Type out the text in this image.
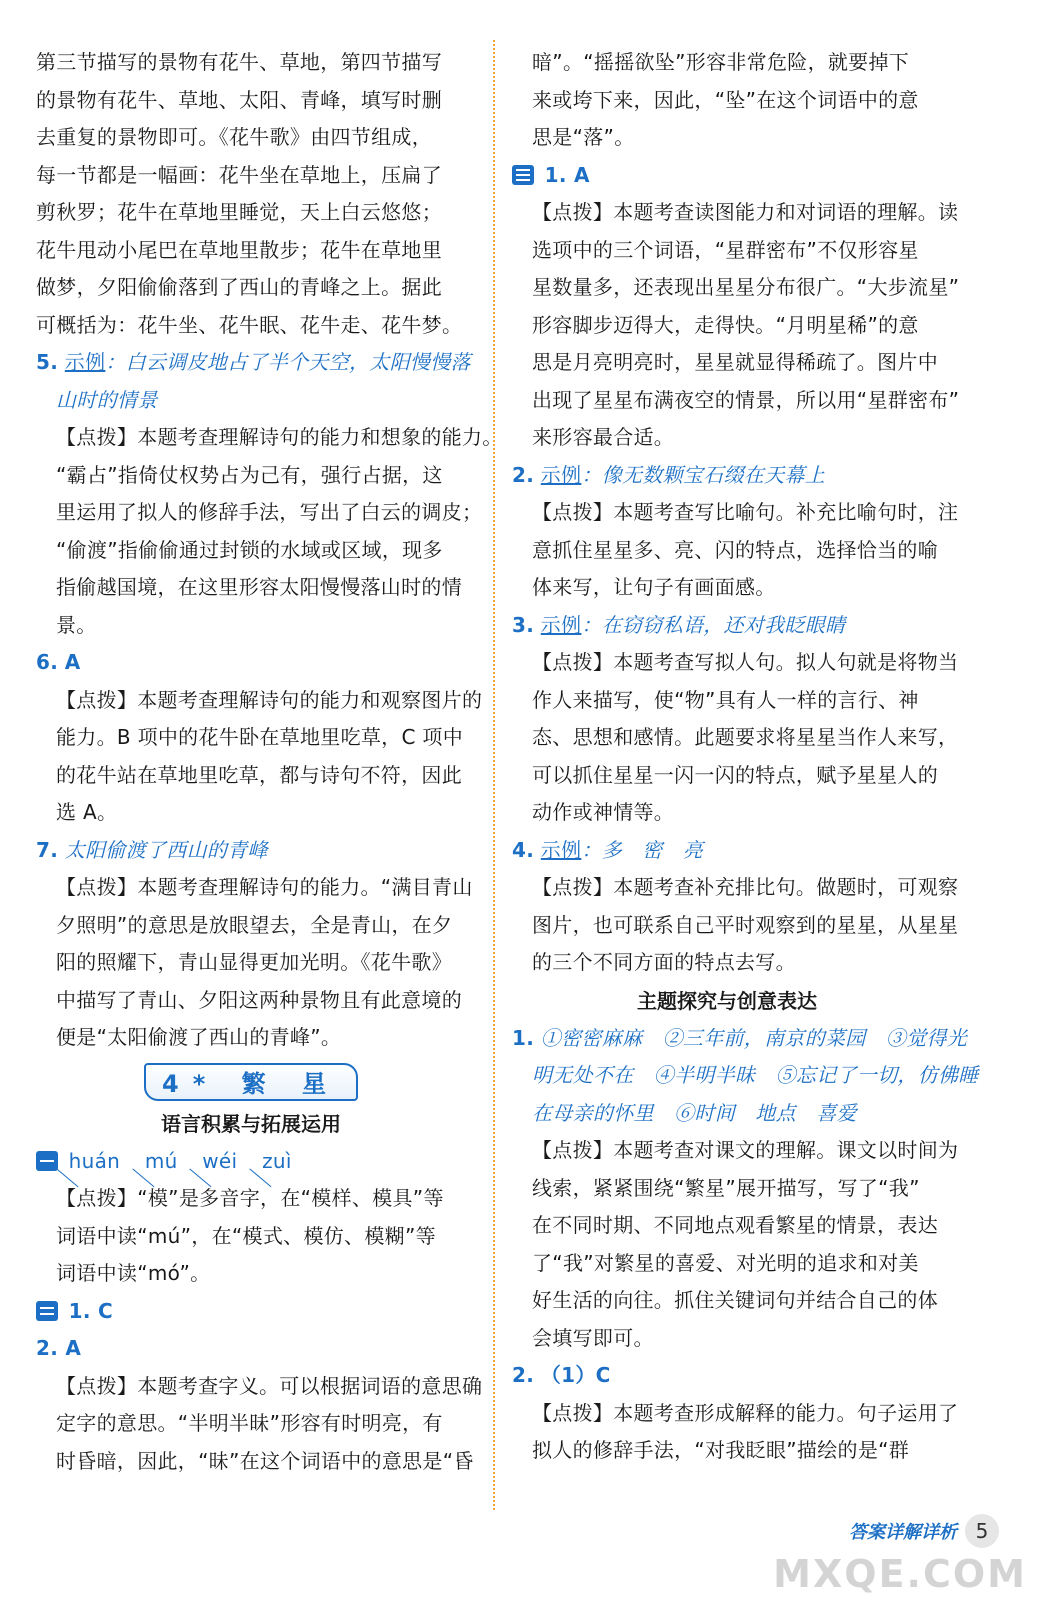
第三节描写的景物有花牛、草地，第四节描写
的景物有花牛、草地、太阳、青峰，填写时删
去重复的景物即可。《花牛歌》由四节组成，
每一节都是一幅画：花牛坐在草地上，压扁了
剪秋罗；花牛在草地里睡觉，天上白云悠悠；
花牛甩动小尾巴在草地里散步；花牛在草地里
做梦，夕阳偷偷落到了西山的青峰之上。据此
可概括为：花牛坐、花牛眠、花牛走、花牛梦。
5. 示例：白云调皮地占了半个天空，太阳慢慢落
山时的情景
【点拨】本题考查理解诗句的能力和想象的能力。
“霸占”指倚仗权势占为己有，强行占据，这
里运用了拟人的修辞手法，写出了白云的调皮；
“偷渡”指偷偷通过封锁的水域或区域，现多
指偷越国境，在这里形容太阳慢慢落山时的情
景。
6. A
【点拨】本题考查理解诗句的能力和观察图片的
能力。B 项中的花牛卧在草地里吃草，C 项中
的花牛站在草地里吃草，都与诗句不符，因此
选 A。
7. 太阳偷渡了西山的青峰
【点拨】本题考查理解诗句的能力。“满目青山
夕照明”的意思是放眼望去，全是青山，在夕
阳的照耀下，青山显得更加光明。《花牛歌》
中描写了青山、夕阳这两种景物且有此意境的
便是“太阳偷渡了西山的青峰”。
4* 繁 星
语言积累与拓展运用
huán mú wéi zuì
【点拨】“模”是多音字，在“模样、模具”等
词语中读“mú”，在“模式、模仿、模糊”等
词语中读“mó”。
1. C
2. A
【点拨】本题考查字义。可以根据词语的意思确
定字的意思。“半明半昧”形容有时明亮，有
时昏暗，因此，“昧”在这个词语中的意思是“昏
暗”。“摇摇欲坠”形容非常危险，就要掉下
来或垮下来，因此，“坠”在这个词语中的意
思是“落”。
1. A
【点拨】本题考查读图能力和对词语的理解。读
选项中的三个词语，“星群密布”不仅形容星
星数量多，还表现出星星分布很广。“大步流星”
形容脚步迈得大，走得快。“月明星稀”的意
思是月亮明亮时，星星就显得稀疏了。图片中
出现了星星布满夜空的情景，所以用“星群密布”
来形容最合适。
2. 示例：像无数颗宝石缀在天幕上
【点拨】本题考查写比喻句。补充比喻句时，注
意抓住星星多、亮、闪的特点，选择恰当的喻
体来写，让句子有画面感。
3. 示例：在窃窃私语，还对我眨眼睛
【点拨】本题考查写拟人句。拟人句就是将物当
作人来描写，使“物”具有人一样的言行、神
态、思想和感情。此题要求将星星当作人来写，
可以抓住星星一闪一闪的特点，赋予星星人的
动作或神情等。
4. 示例：多　密　亮
【点拨】本题考查补充排比句。做题时，可观察
图片，也可联系自己平时观察到的星星，从星星
的三个不同方面的特点去写。
主题探究与创意表达
1. ①密密麻麻　②三年前，南京的菜园　③觉得光
明无处不在　④半明半昧　⑤忘记了一切，仿佛睡
在母亲的怀里　⑥时间　地点　喜爱
【点拨】本题考查对课文的理解。课文以时间为
线索，紧紧围绕“繁星”展开描写，写了“我”
在不同时期、不同地点观看繁星的情景，表达
了“我”对繁星的喜爱、对光明的追求和对美
好生活的向往。抓住关键词句并结合自己的体
会填写即可。
2. （1）C
【点拨】本题考查形成解释的能力。句子运用了
拟人的修辞手法，“对我眨眼”描绘的是“群
答案详解详析 5
MXQE.COM
